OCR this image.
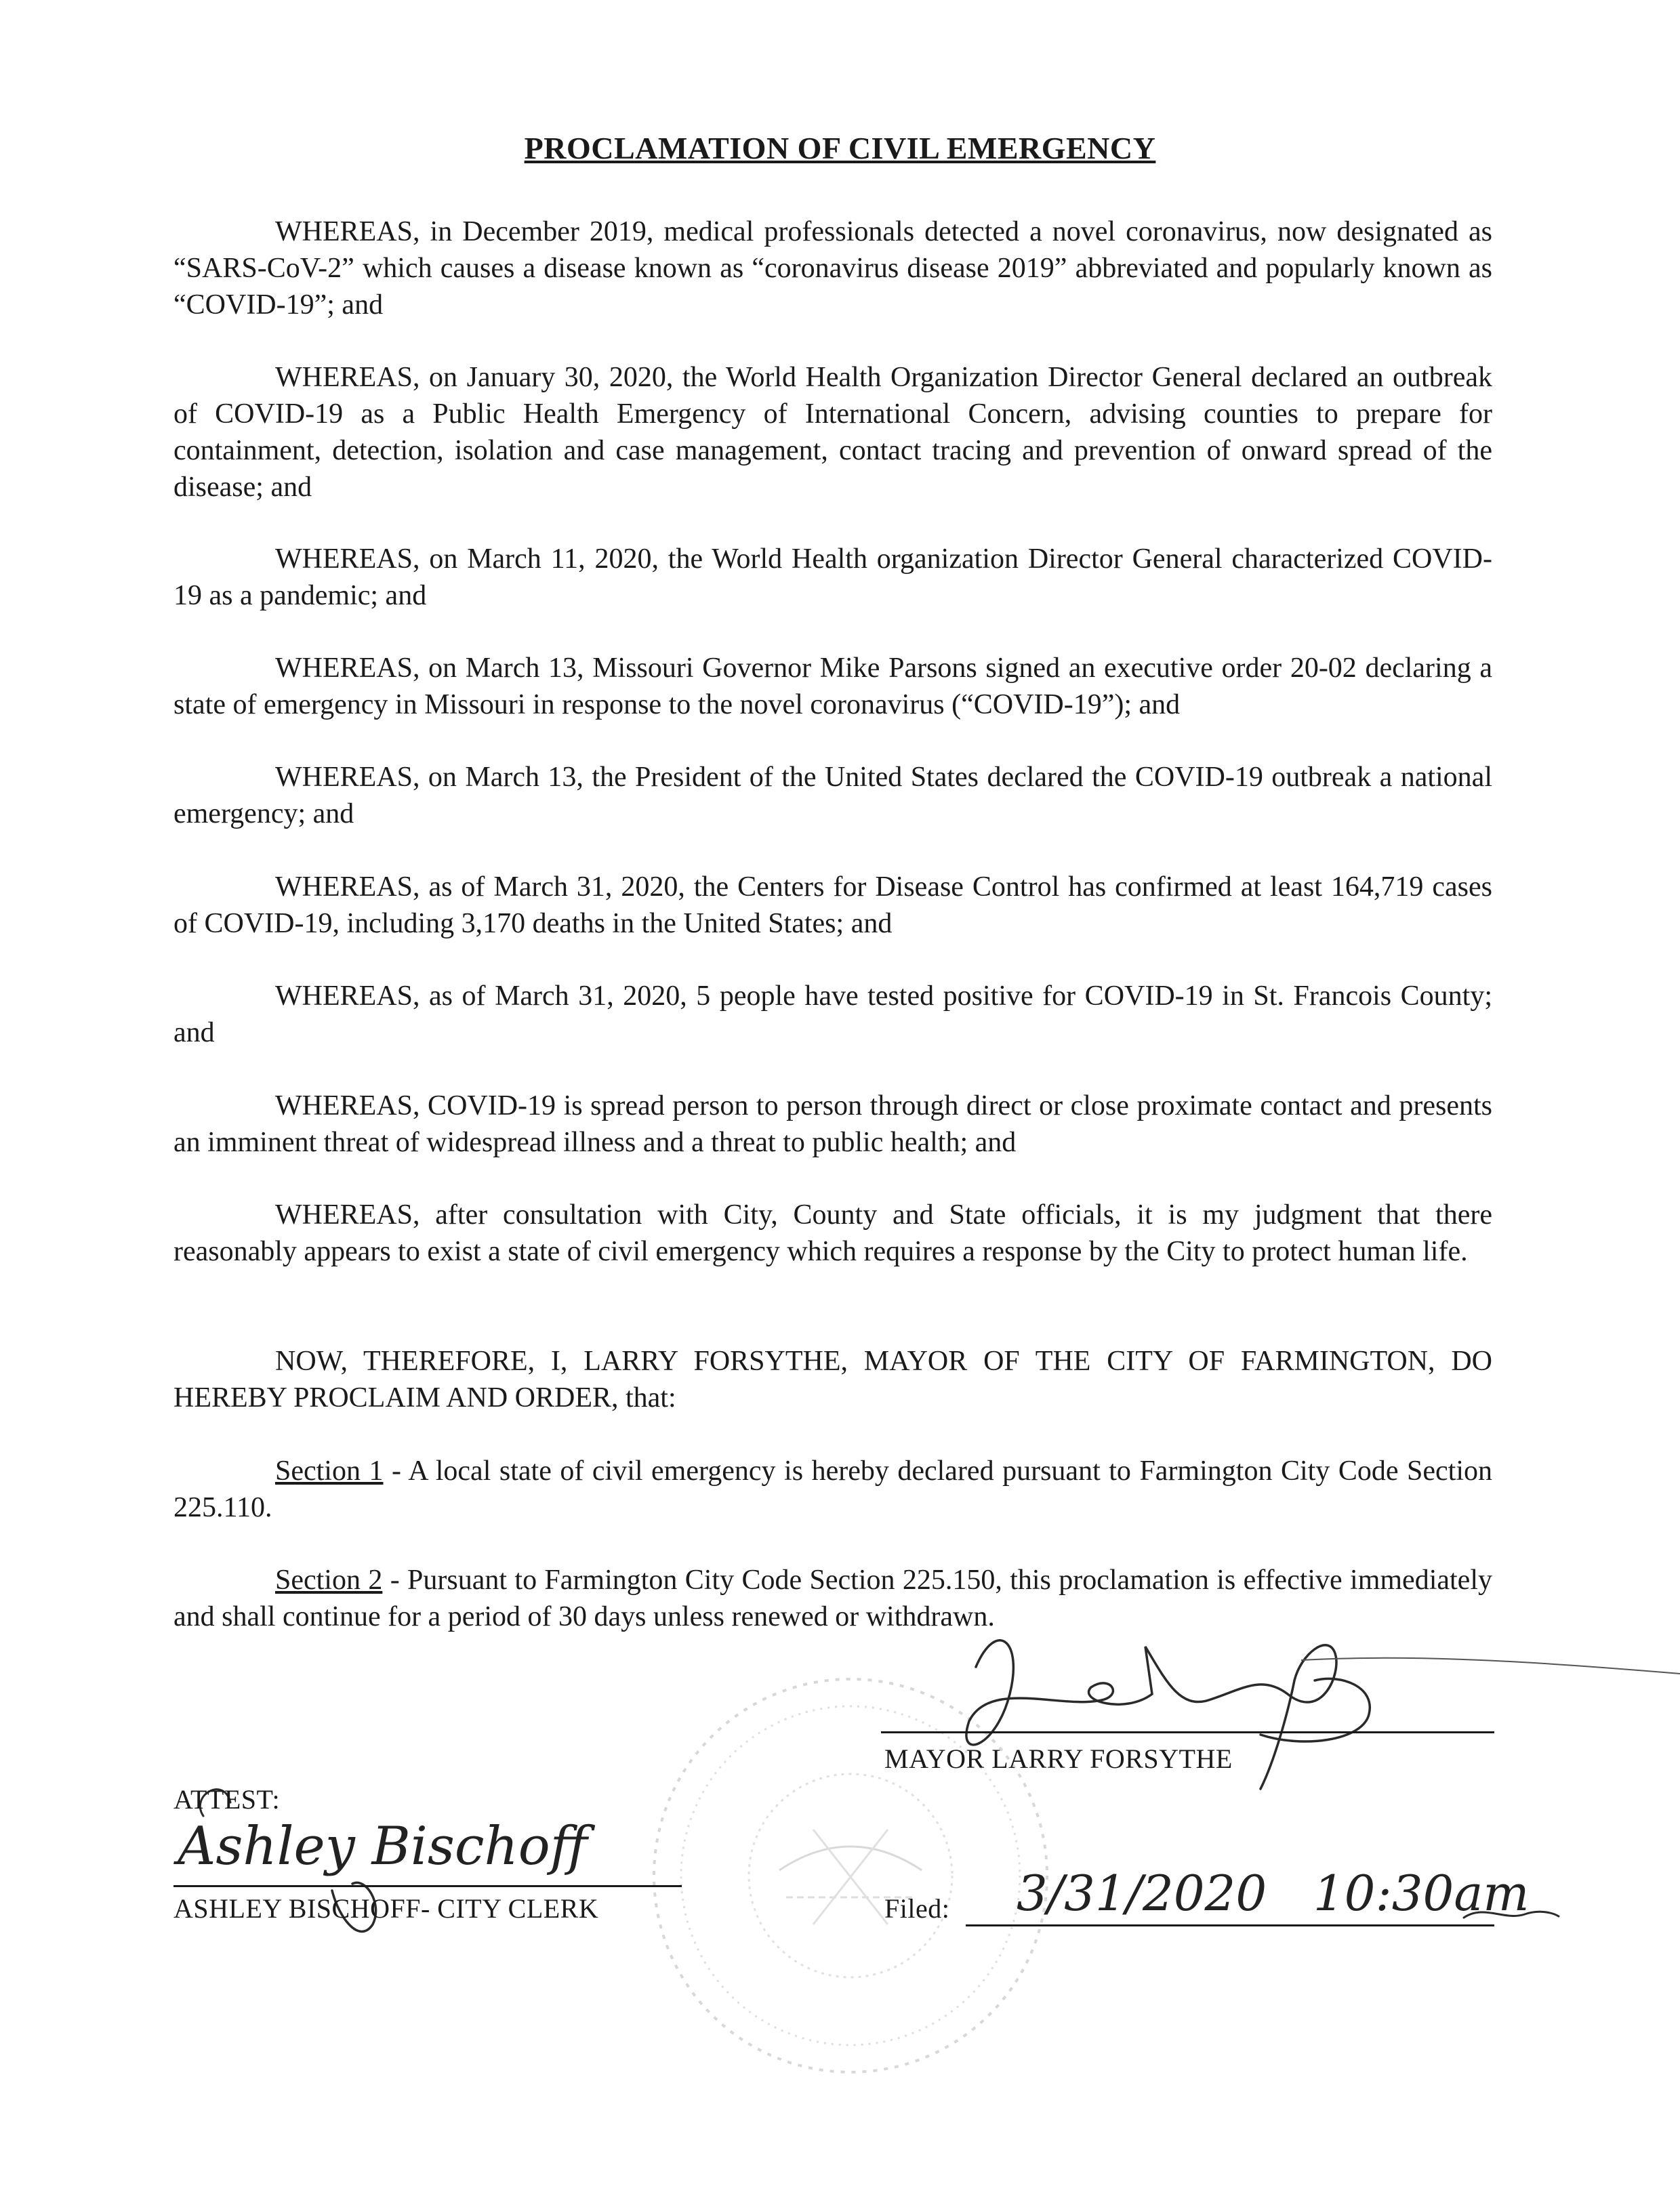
PROCLAMATION OF CIVIL EMERGENCY
WHEREAS, in December 2019, medical professionals detected a novel coronavirus, now designated as “SARS-CoV-2” which causes a disease known as “coronavirus disease 2019” abbreviated and popularly known as “COVID-19”; and
WHEREAS, on January 30, 2020, the World Health Organization Director General declared an outbreak of COVID-19 as a Public Health Emergency of International Concern, advising counties to prepare for containment, detection, isolation and case management, contact tracing and prevention of onward spread of the disease; and
WHEREAS, on March 11, 2020, the World Health organization Director General characterized COVID-19 as a pandemic; and
WHEREAS, on March 13, Missouri Governor Mike Parsons signed an executive order 20-02 declaring a state of emergency in Missouri in response to the novel coronavirus (“COVID-19”); and
WHEREAS, on March 13, the President of the United States declared the COVID-19 outbreak a national emergency; and
WHEREAS, as of March 31, 2020, the Centers for Disease Control has confirmed at least 164,719 cases of COVID-19, including 3,170 deaths in the United States; and
WHEREAS, as of March 31, 2020, 5 people have tested positive for COVID-19 in St. Francois County; and
WHEREAS, COVID-19 is spread person to person through direct or close proximate contact and presents an imminent threat of widespread illness and a threat to public health; and
WHEREAS, after consultation with City, County and State officials, it is my judgment that there reasonably appears to exist a state of civil emergency which requires a response by the City to protect human life.
NOW, THEREFORE, I, LARRY FORSYTHE, MAYOR OF THE CITY OF FARMINGTON, DO HEREBY PROCLAIM AND ORDER, that:
Section 1 - A local state of civil emergency is hereby declared pursuant to Farmington City Code Section 225.110.
Section 2 - Pursuant to Farmington City Code Section 225.150, this proclamation is effective immediately and shall continue for a period of 30 days unless renewed or withdrawn.
MAYOR LARRY FORSYTHE
ATTEST:
Ashley Bischoff
ASHLEY BISCHOFF- CITY CLERK	Filed: 3/31/2020   10:30am
